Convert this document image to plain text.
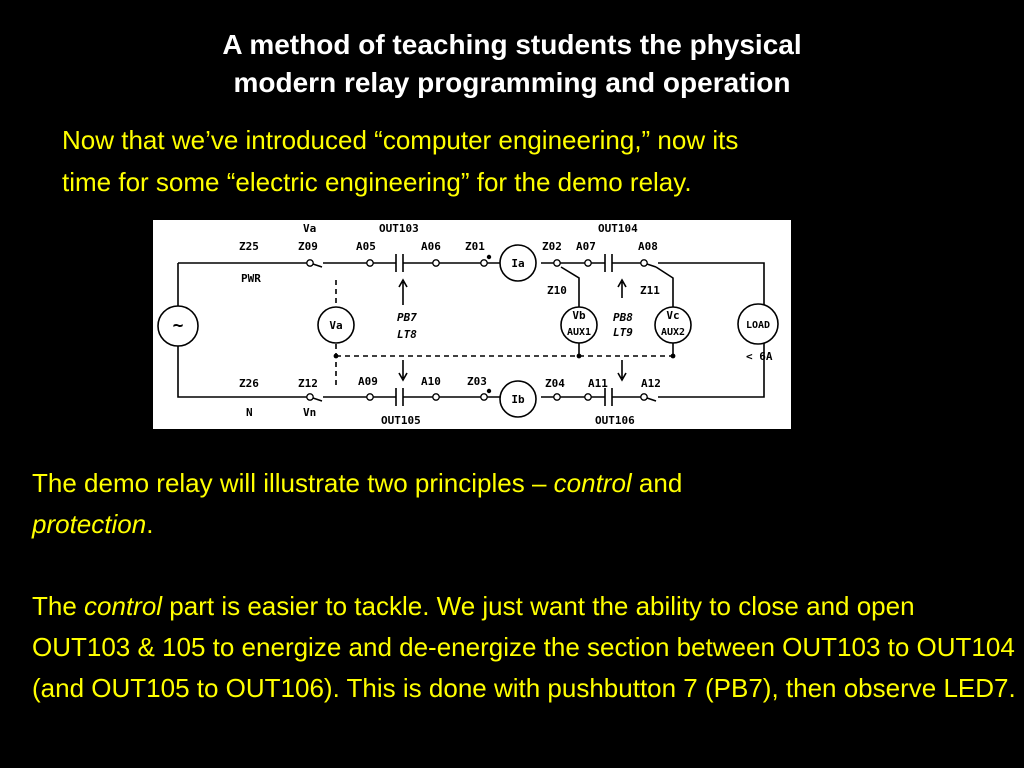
A method of teaching students the physical
modern relay programming and operation
Now that we’ve introduced “computer engineering,” now its
time for some “electric engineering” for the demo relay.
Va	OUT103	OUT104
Z25	Z09	A05	A06 Z01	Z02 A07	A08
PWR
Z10	Z11
~	Va
Ia
Ib
Vb
AUX1
Vc
AUX2
LOAD
PB7
LT8
PB8
LT9
< 6A
Z26
N
Z12
Vn
A09	A10 Z03	Z04 A11	A12
OUT105	OUT106

The demo relay will illustrate two principles – control and
protection.

The control part is easier to tackle. We just want the ability to close and open OUT103 & 105 to energize and de-energize the section between OUT103 to OUT104 (and OUT105 to OUT106). This is done with pushbutton 7 (PB7), then observe LED7.
